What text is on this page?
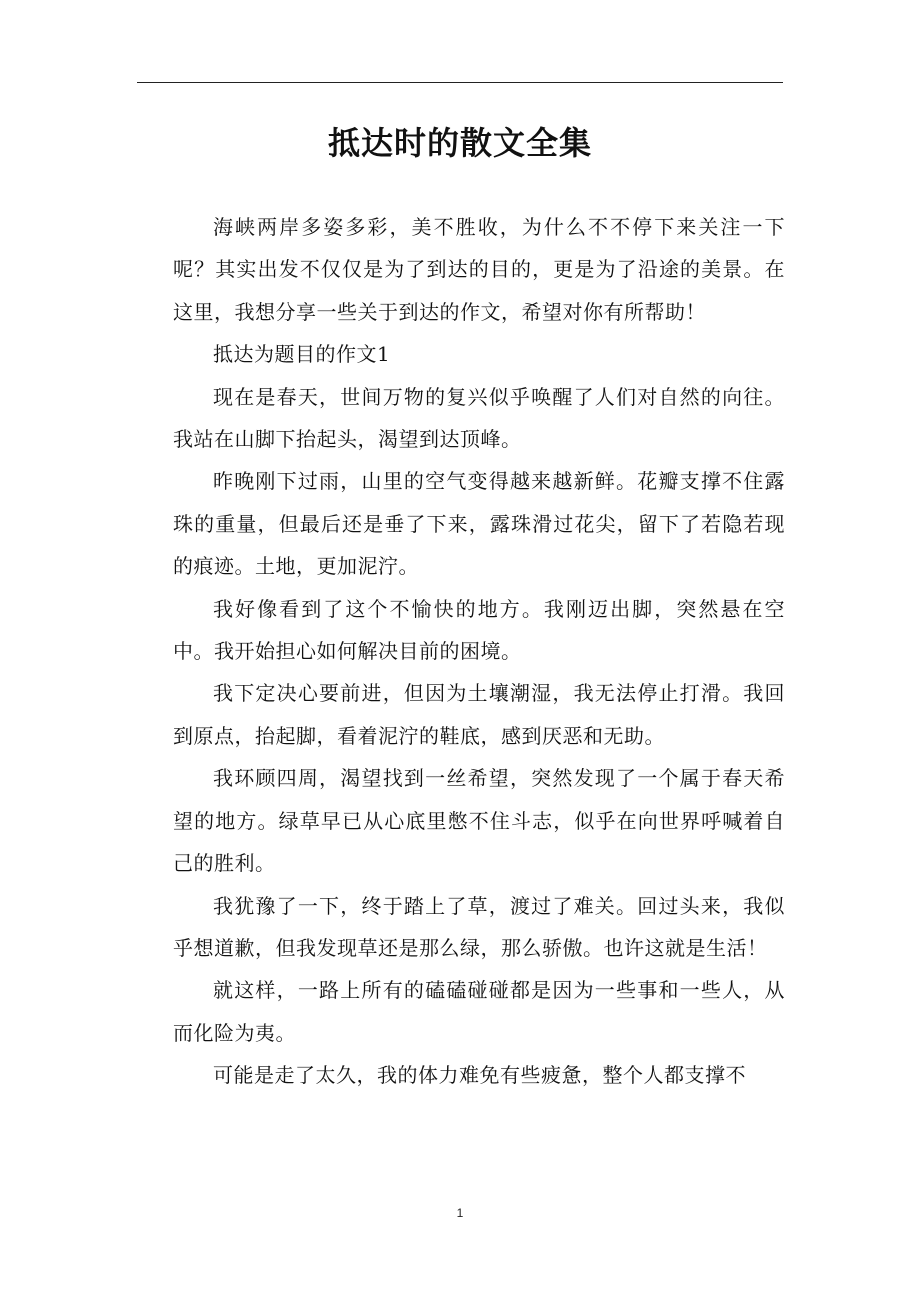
抵达时的散文全集

海峡两岸多姿多彩，美不胜收，为什么不不停下来关注一下呢？其实出发不仅仅是为了到达的目的，更是为了沿途的美景。在这里，我想分享一些关于到达的作文，希望对你有所帮助！

抵达为题目的作文1

现在是春天，世间万物的复兴似乎唤醒了人们对自然的向往。我站在山脚下抬起头，渴望到达顶峰。

昨晚刚下过雨，山里的空气变得越来越新鲜。花瓣支撑不住露珠的重量，但最后还是垂了下来，露珠滑过花尖，留下了若隐若现的痕迹。土地，更加泥泞。

我好像看到了这个不愉快的地方。我刚迈出脚，突然悬在空中。我开始担心如何解决目前的困境。

我下定决心要前进，但因为土壤潮湿，我无法停止打滑。我回到原点，抬起脚，看着泥泞的鞋底，感到厌恶和无助。

我环顾四周，渴望找到一丝希望，突然发现了一个属于春天希望的地方。绿草早已从心底里憋不住斗志，似乎在向世界呼喊着自己的胜利。

我犹豫了一下，终于踏上了草，渡过了难关。回过头来，我似乎想道歉，但我发现草还是那么绿，那么骄傲。也许这就是生活！

就这样，一路上所有的磕磕碰碰都是因为一些事和一些人，从而化险为夷。

可能是走了太久，我的体力难免有些疲惫，整个人都支撑不

1
